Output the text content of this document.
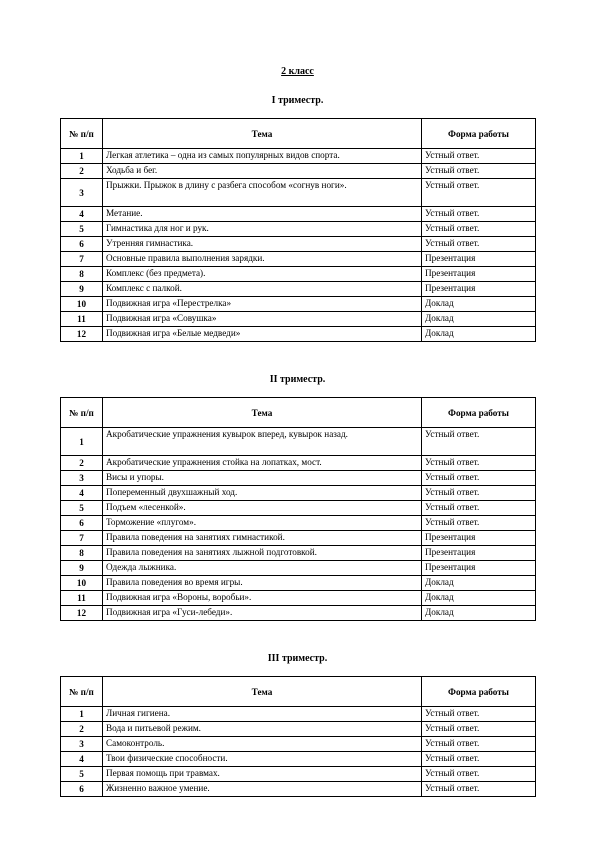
2 класс
I триместр.
№ п/п	Тема	Форма работы
1	Легкая атлетика – одна из самых популярных видов спорта.	Устный ответ.
2	Ходьба и бег.	Устный ответ.
3	Прыжки. Прыжок в длину с разбега способом «согнув ноги».	Устный ответ.
4	Метание.	Устный ответ.
5	Гимнастика для ног и рук.	Устный ответ.
6	Утренняя гимнастика.	Устный ответ.
7	Основные правила выполнения зарядки.	Презентация
8	Комплекс (без предмета).	Презентация
9	Комплекс с палкой.	Презентация
10	Подвижная игра «Перестрелка»	Доклад
11	Подвижная игра «Совушка»	Доклад
12	Подвижная игра «Белые медведи»	Доклад
II триместр.
№ п/п	Тема	Форма работы
1	Акробатические упражнения кувырок вперед, кувырок назад.	Устный ответ.
2	Акробатические упражнения стойка на лопатках, мост.	Устный ответ.
3	Висы и упоры.	Устный ответ.
4	Попеременный двухшажный ход.	Устный ответ.
5	Подъем «лесенкой».	Устный ответ.
6	Торможение «плугом».	Устный ответ.
7	Правила поведения на занятиях гимнастикой.	Презентация
8	Правила поведения на занятиях лыжной подготовкой.	Презентация
9	Одежда лыжника.	Презентация
10	Правила поведения во время игры.	Доклад
11	Подвижная игра «Вороны, воробьи».	Доклад
12	Подвижная игра «Гуси-лебеди».	Доклад
III триместр.
№ п/п	Тема	Форма работы
1	Личная гигиена.	Устный ответ.
2	Вода и питьевой режим.	Устный ответ.
3	Самоконтроль.	Устный ответ.
4	Твои физические способности.	Устный ответ.
5	Первая помощь при травмах.	Устный ответ.
6	Жизненно важное умение.	Устный ответ.
